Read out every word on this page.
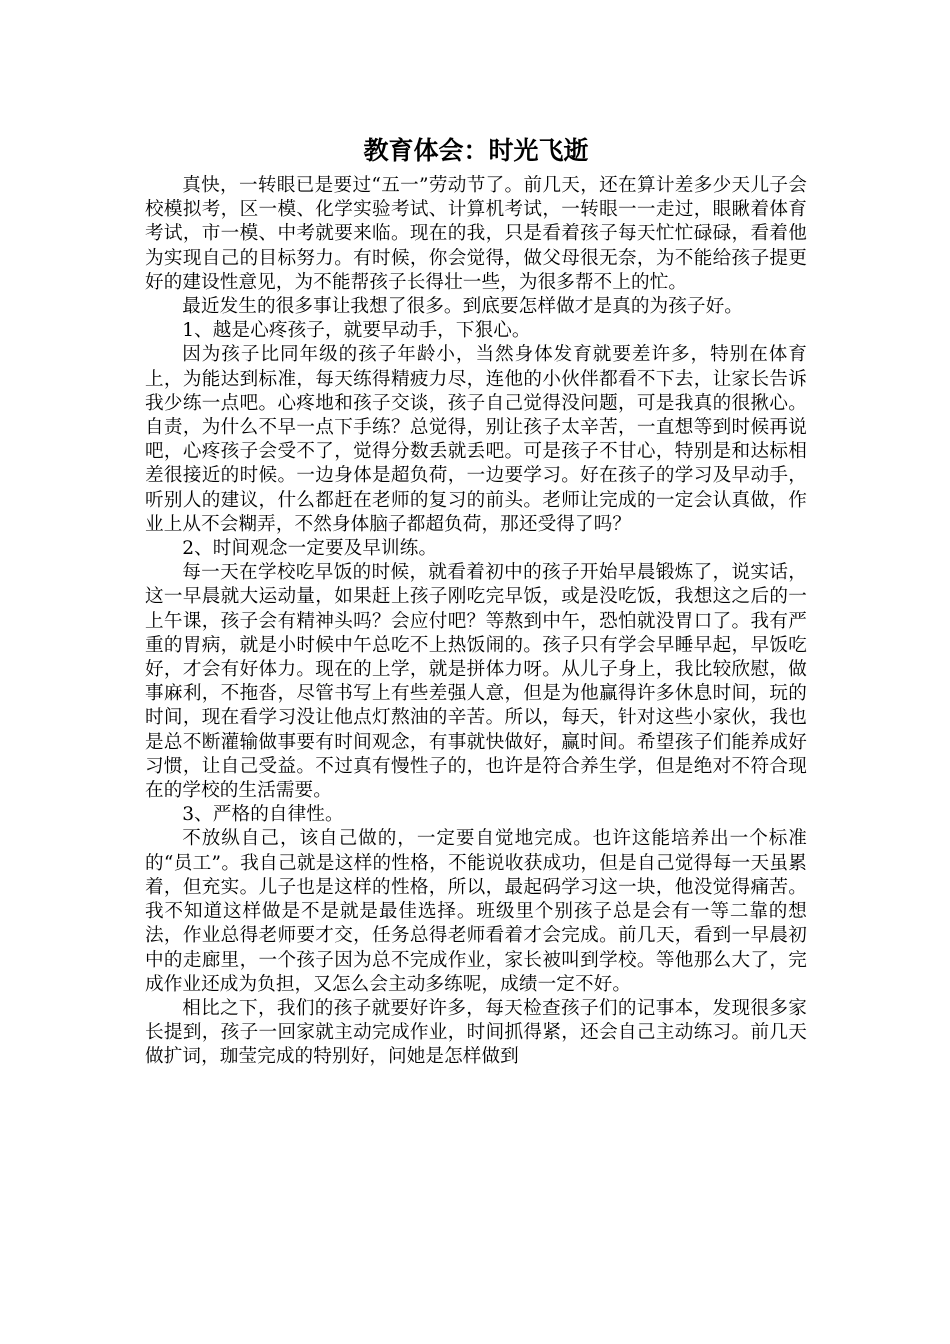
教育体会：时光飞逝

真快，一转眼已是要过“五一”劳动节了。前几天，还在算计差多少天儿子会校模拟考，区一模、化学实验考试、计算机考试，一转眼一一走过，眼瞅着体育考试，市一模、中考就要来临。现在的我，只是看着孩子每天忙忙碌碌，看着他为实现自己的目标努力。有时候，你会觉得，做父母很无奈，为不能给孩子提更好的建设性意见，为不能帮孩子长得壮一些，为很多帮不上的忙。

最近发生的很多事让我想了很多。到底要怎样做才是真的为孩子好。

1、越是心疼孩子，就要早动手，下狠心。

因为孩子比同年级的孩子年龄小，当然身体发育就要差许多，特别在体育上，为能达到标准，每天练得精疲力尽，连他的小伙伴都看不下去，让家长告诉我少练一点吧。心疼地和孩子交谈，孩子自己觉得没问题，可是我真的很揪心。自责，为什么不早一点下手练？总觉得，别让孩子太辛苦，一直想等到时候再说吧，心疼孩子会受不了，觉得分数丢就丢吧。可是孩子不甘心，特别是和达标相差很接近的时候。一边身体是超负荷，一边要学习。好在孩子的学习及早动手，听别人的建议，什么都赶在老师的复习的前头。老师让完成的一定会认真做，作业上从不会糊弄，不然身体脑子都超负荷，那还受得了吗？

2、时间观念一定要及早训练。

每一天在学校吃早饭的时候，就看着初中的孩子开始早晨锻炼了，说实话，这一早晨就大运动量，如果赶上孩子刚吃完早饭，或是没吃饭，我想这之后的一上午课，孩子会有精神头吗？会应付吧？等熬到中午，恐怕就没胃口了。我有严重的胃病，就是小时候中午总吃不上热饭闹的。孩子只有学会早睡早起，早饭吃好，才会有好体力。现在的上学，就是拼体力呀。从儿子身上，我比较欣慰，做事麻利，不拖沓，尽管书写上有些差强人意，但是为他赢得许多休息时间，玩的时间，现在看学习没让他点灯熬油的辛苦。所以，每天，针对这些小家伙，我也是总不断灌输做事要有时间观念，有事就快做好，赢时间。希望孩子们能养成好习惯，让自己受益。不过真有慢性子的，也许是符合养生学，但是绝对不符合现在的学校的生活需要。

3、严格的自律性。

不放纵自己，该自己做的，一定要自觉地完成。也许这能培养出一个标准的“员工”。我自己就是这样的性格，不能说收获成功，但是自己觉得每一天虽累着，但充实。儿子也是这样的性格，所以，最起码学习这一块，他没觉得痛苦。我不知道这样做是不是就是最佳选择。班级里个别孩子总是会有一等二靠的想法，作业总得老师要才交，任务总得老师看着才会完成。前几天，看到一早晨初中的走廊里，一个孩子因为总不完成作业，家长被叫到学校。等他那么大了，完成作业还成为负担，又怎么会主动多练呢，成绩一定不好。

相比之下，我们的孩子就要好许多，每天检查孩子们的记事本，发现很多家长提到，孩子一回家就主动完成作业，时间抓得紧，还会自己主动练习。前几天做扩词，珈莹完成的特别好，问她是怎样做到
